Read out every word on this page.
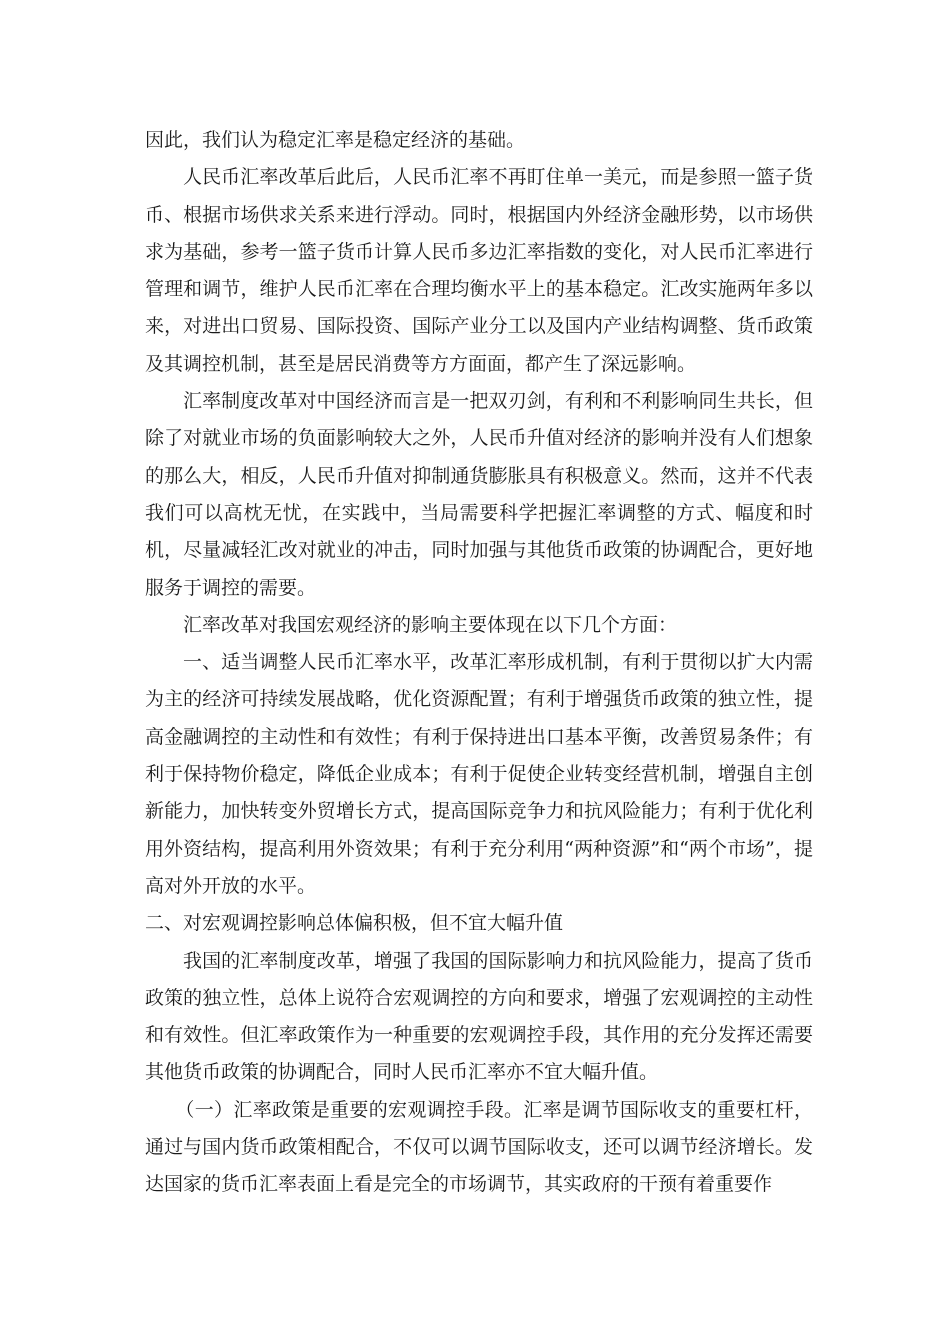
因此，我们认为稳定汇率是稳定经济的基础。

人民币汇率改革后此后，人民币汇率不再盯住单一美元，而是参照一篮子货币、根据市场供求关系来进行浮动。同时，根据国内外经济金融形势，以市场供求为基础，参考一篮子货币计算人民币多边汇率指数的变化，对人民币汇率进行管理和调节，维护人民币汇率在合理均衡水平上的基本稳定。汇改实施两年多以来，对进出口贸易、国际投资、国际产业分工以及国内产业结构调整、货币政策及其调控机制，甚至是居民消费等方方面面，都产生了深远影响。

汇率制度改革对中国经济而言是一把双刃剑，有利和不利影响同生共长，但除了对就业市场的负面影响较大之外，人民币升值对经济的影响并没有人们想象的那么大，相反，人民币升值对抑制通货膨胀具有积极意义。然而，这并不代表我们可以高枕无忧，在实践中，当局需要科学把握汇率调整的方式、幅度和时机，尽量减轻汇改对就业的冲击，同时加强与其他货币政策的协调配合，更好地服务于调控的需要。

汇率改革对我国宏观经济的影响主要体现在以下几个方面：

一、适当调整人民币汇率水平，改革汇率形成机制，有利于贯彻以扩大内需为主的经济可持续发展战略，优化资源配置；有利于增强货币政策的独立性，提高金融调控的主动性和有效性；有利于保持进出口基本平衡，改善贸易条件；有利于保持物价稳定，降低企业成本；有利于促使企业转变经营机制，增强自主创新能力，加快转变外贸增长方式，提高国际竞争力和抗风险能力；有利于优化利用外资结构，提高利用外资效果；有利于充分利用“两种资源”和“两个市场”，提高对外开放的水平。

二、对宏观调控影响总体偏积极，但不宜大幅升值

我国的汇率制度改革，增强了我国的国际影响力和抗风险能力，提高了货币政策的独立性，总体上说符合宏观调控的方向和要求，增强了宏观调控的主动性和有效性。但汇率政策作为一种重要的宏观调控手段，其作用的充分发挥还需要其他货币政策的协调配合，同时人民币汇率亦不宜大幅升值。

（一）汇率政策是重要的宏观调控手段。汇率是调节国际收支的重要杠杆，通过与国内货币政策相配合，不仅可以调节国际收支，还可以调节经济增长。发达国家的货币汇率表面上看是完全的市场调节，其实政府的干预有着重要作
